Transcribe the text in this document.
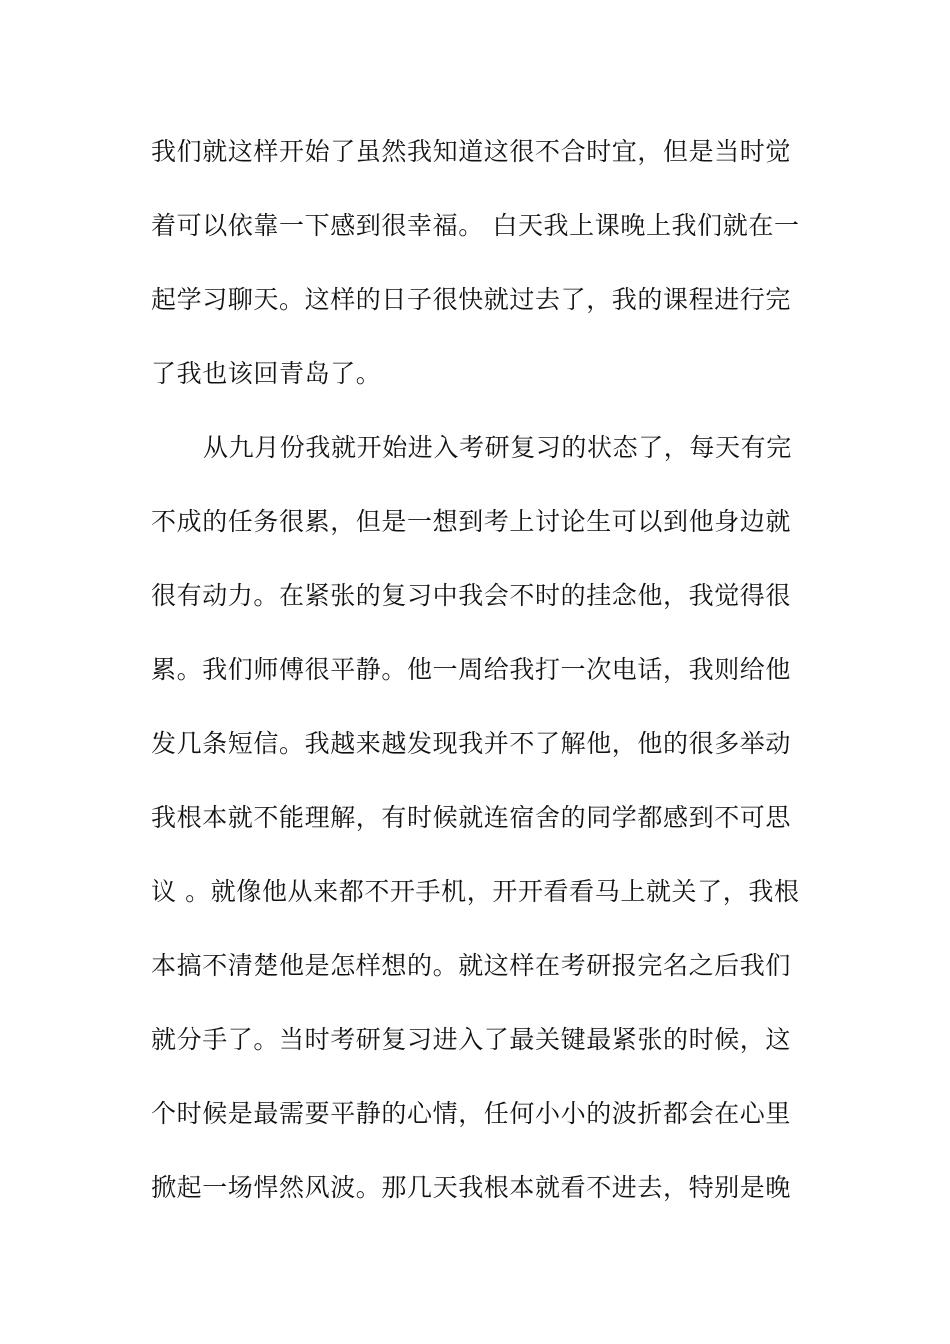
我们就这样开始了虽然我知道这很不合时宜，但是当时觉
着可以依靠一下感到很幸福。 白天我上课晚上我们就在一
起学习聊天。这样的日子很快就过去了，我的课程进行完
了我也该回青岛了。
从九月份我就开始进入考研复习的状态了，每天有完
不成的任务很累，但是一想到考上讨论生可以到他身边就
很有动力。在紧张的复习中我会不时的挂念他，我觉得很
累。我们师傅很平静。他一周给我打一次电话，我则给他
发几条短信。我越来越发现我并不了解他，他的很多举动
我根本就不能理解，有时候就连宿舍的同学都感到不可思
议 。就像他从来都不开手机，开开看看马上就关了，我根
本搞不清楚他是怎样想的。就这样在考研报完名之后我们
就分手了。当时考研复习进入了最关键最紧张的时候，这
个时候是最需要平静的心情，任何小小的波折都会在心里
掀起一场悍然风波。那几天我根本就看不进去，特别是晚
